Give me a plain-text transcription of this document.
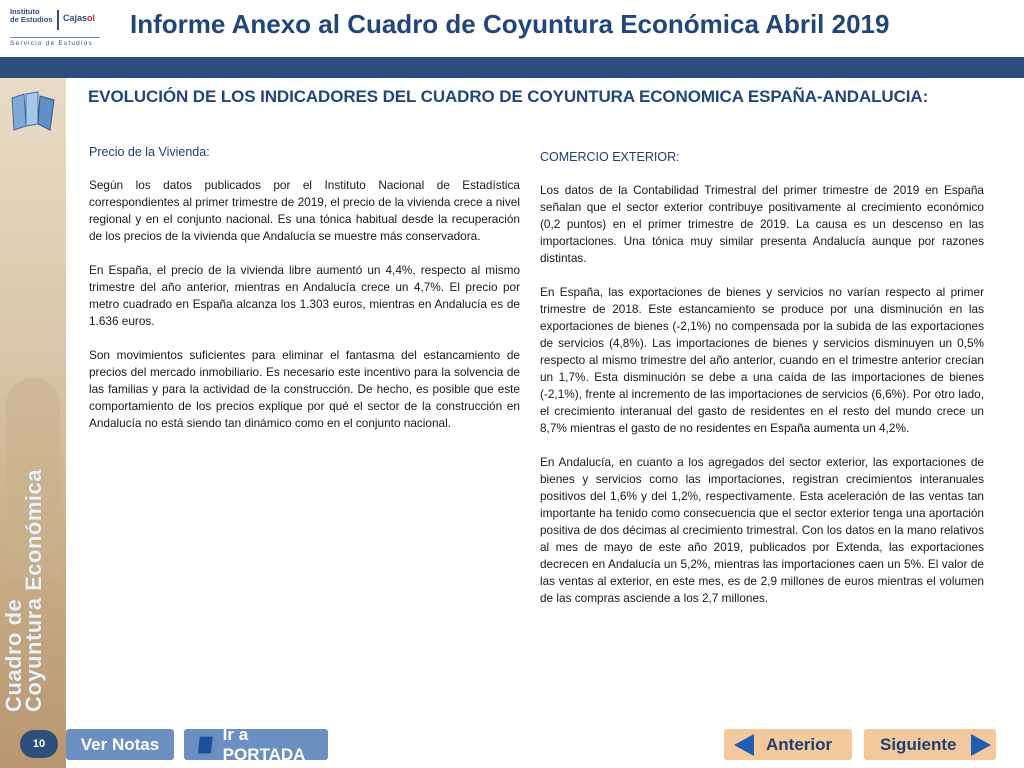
Instituto
de Estudios Cajasol
Servicio de Estudios
Informe Anexo al Cuadro de Coyuntura Económica Abril 2019
Cuadro de
Coyuntura Económica
EVOLUCIÓN DE LOS INDICADORES DEL CUADRO DE COYUNTURA ECONOMICA ESPAÑA-ANDALUCIA:
Precio de la Vivienda:

Según los datos publicados por el Instituto Nacional de Estadística correspondientes al primer trimestre de 2019, el precio de la vivienda crece a nivel regional y en el conjunto nacional. Es una tónica habitual desde la recuperación de los precios de la vivienda que Andalucía se muestre más conservadora.

En España, el precio de la vivienda libre aumentó un 4,4%, respecto al mismo trimestre del año anterior, mientras en Andalucía crece un 4,7%. El precio por metro cuadrado en España alcanza los 1.303 euros, mientras en Andalucía es de 1.636 euros.

Son movimientos suficientes para eliminar el fantasma del estancamiento de precios del mercado inmobiliario. Es necesario este incentivo para la solvencia de las familias y para la actividad de la construcción. De hecho, es posible que este comportamiento de los precios explique por qué el sector de la construcción en Andalucía no está siendo tan dinámico como en el conjunto nacional.

COMERCIO EXTERIOR:

Los datos de la Contabilidad Trimestral del primer trimestre de 2019 en España señalan que el sector exterior contribuye positivamente al crecimiento económico (0,2 puntos) en el primer trimestre de 2019. La causa es un descenso en las importaciones. Una tónica muy similar presenta Andalucía aunque por razones distintas.

En España, las exportaciones de bienes y servicios no varían respecto al primer trimestre de 2018. Este estancamiento se produce por una disminución en las exportaciones de bienes (-2,1%) no compensada por la subida de las exportaciones de servicios (4,8%). Las importaciones de bienes y servicios disminuyen un 0,5% respecto al mismo trimestre del año anterior, cuando en el trimestre anterior crecían un 1,7%. Esta disminución se debe a una caída de las importaciones de bienes (-2,1%), frente al incremento de las importaciones de servicios (6,6%). Por otro lado, el crecimiento interanual del gasto de residentes en el resto del mundo crece un 8,7% mientras el gasto de no residentes en España aumenta un 4,2%.

En Andalucía, en cuanto a los agregados del sector exterior, las exportaciones de bienes y servicios como las importaciones, registran crecimientos interanuales positivos del 1,6% y del 1,2%, respectivamente. Esta aceleración de las ventas tan importante ha tenido como consecuencia que el sector exterior tenga una aportación positiva de dos décimas al crecimiento trimestral. Con los datos en la mano relativos al mes de mayo de este año 2019, publicados por Extenda, las exportaciones decrecen en Andalucía un 5,2%, mientras las importaciones caen un 5%. El valor de las ventas al exterior, en este mes, es de 2,9 millones de euros mientras el volumen de las compras asciende a los 2,7 millones.

10	Ver Notas
Ir a PORTADA
Anterior	Siguiente
